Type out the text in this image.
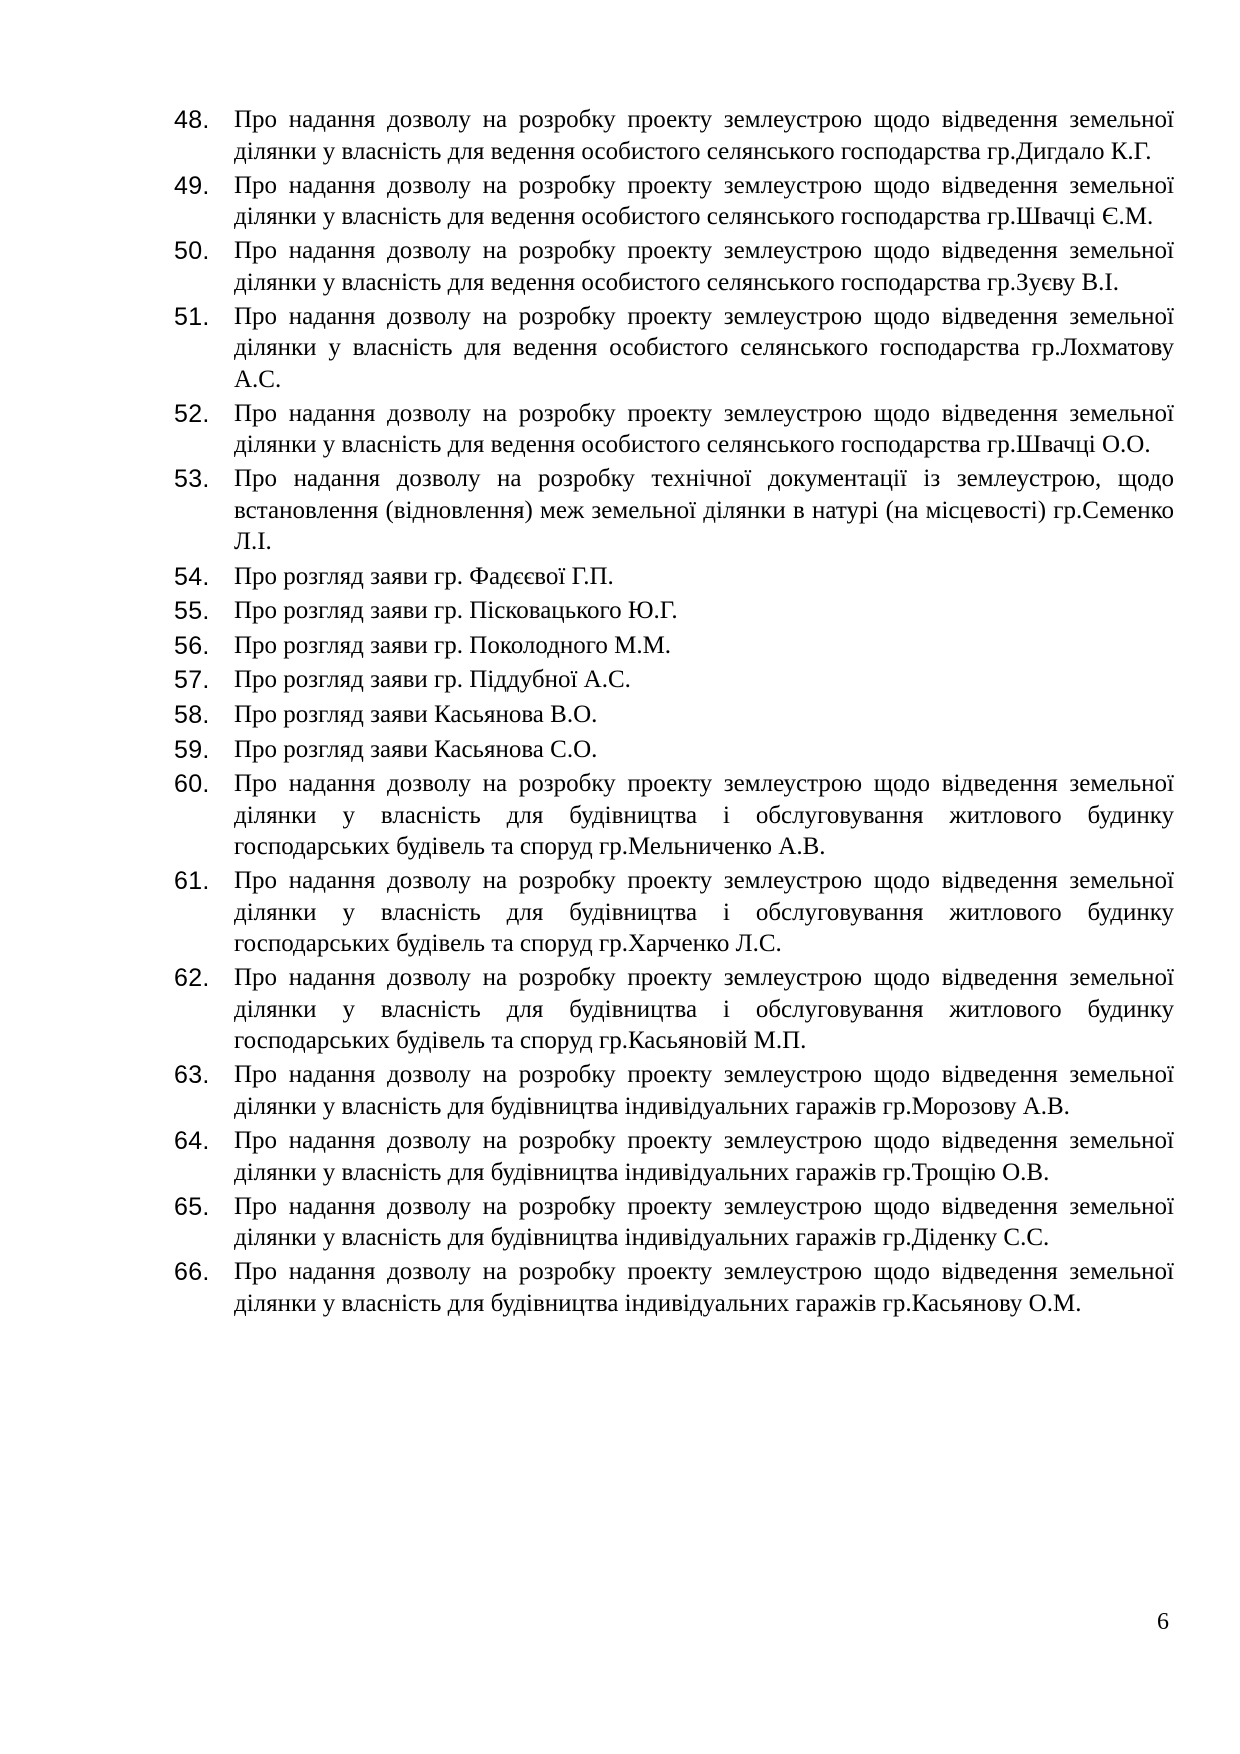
48. Про надання дозволу на розробку проекту землеустрою щодо відведення земельної ділянки у власність для ведення особистого селянського господарства гр.Дигдало К.Г.
49. Про надання дозволу на розробку проекту землеустрою щодо відведення земельної ділянки у власність для ведення особистого селянського господарства гр.Швачці Є.М.
50. Про надання дозволу на розробку проекту землеустрою щодо відведення земельної ділянки у власність для ведення особистого селянського господарства гр.Зуєву В.І.
51. Про надання дозволу на розробку проекту землеустрою щодо відведення земельної ділянки у власність для ведення особистого селянського господарства гр.Лохматову А.С.
52. Про надання дозволу на розробку проекту землеустрою щодо відведення земельної ділянки у власність для ведення особистого селянського господарства гр.Швачці О.О.
53. Про надання дозволу на розробку технічної документації із землеустрою, щодо встановлення (відновлення) меж земельної ділянки в натурі (на місцевості) гр.Семенко Л.І.
54. Про розгляд заяви гр. Фадєєвої Г.П.
55. Про розгляд заяви гр. Пісковацького Ю.Г.
56. Про розгляд заяви гр. Поколодного М.М.
57. Про розгляд заяви гр. Піддубної А.С.
58. Про розгляд заяви Касьянова В.О.
59. Про розгляд заяви Касьянова С.О.
60. Про надання дозволу на розробку проекту землеустрою щодо відведення земельної ділянки у власність для будівництва і обслуговування житлового будинку господарських будівель та споруд гр.Мельниченко А.В.
61. Про надання дозволу на розробку проекту землеустрою щодо відведення земельної ділянки у власність для будівництва і обслуговування житлового будинку господарських будівель та споруд гр.Харченко Л.С.
62. Про надання дозволу на розробку проекту землеустрою щодо відведення земельної ділянки у власність для будівництва і обслуговування житлового будинку господарських будівель та споруд гр.Касьяновій М.П.
63. Про надання дозволу на розробку проекту землеустрою щодо відведення земельної ділянки у власність для будівництва індивідуальних гаражів гр.Морозову А.В.
64. Про надання дозволу на розробку проекту землеустрою щодо відведення земельної ділянки у власність для будівництва індивідуальних гаражів гр.Трощію О.В.
65. Про надання дозволу на розробку проекту землеустрою щодо відведення земельної ділянки у власність для будівництва індивідуальних гаражів гр.Діденку С.С.
66. Про надання дозволу на розробку проекту землеустрою щодо відведення земельної ділянки у власність для будівництва індивідуальних гаражів гр.Касьянову О.М.
6
